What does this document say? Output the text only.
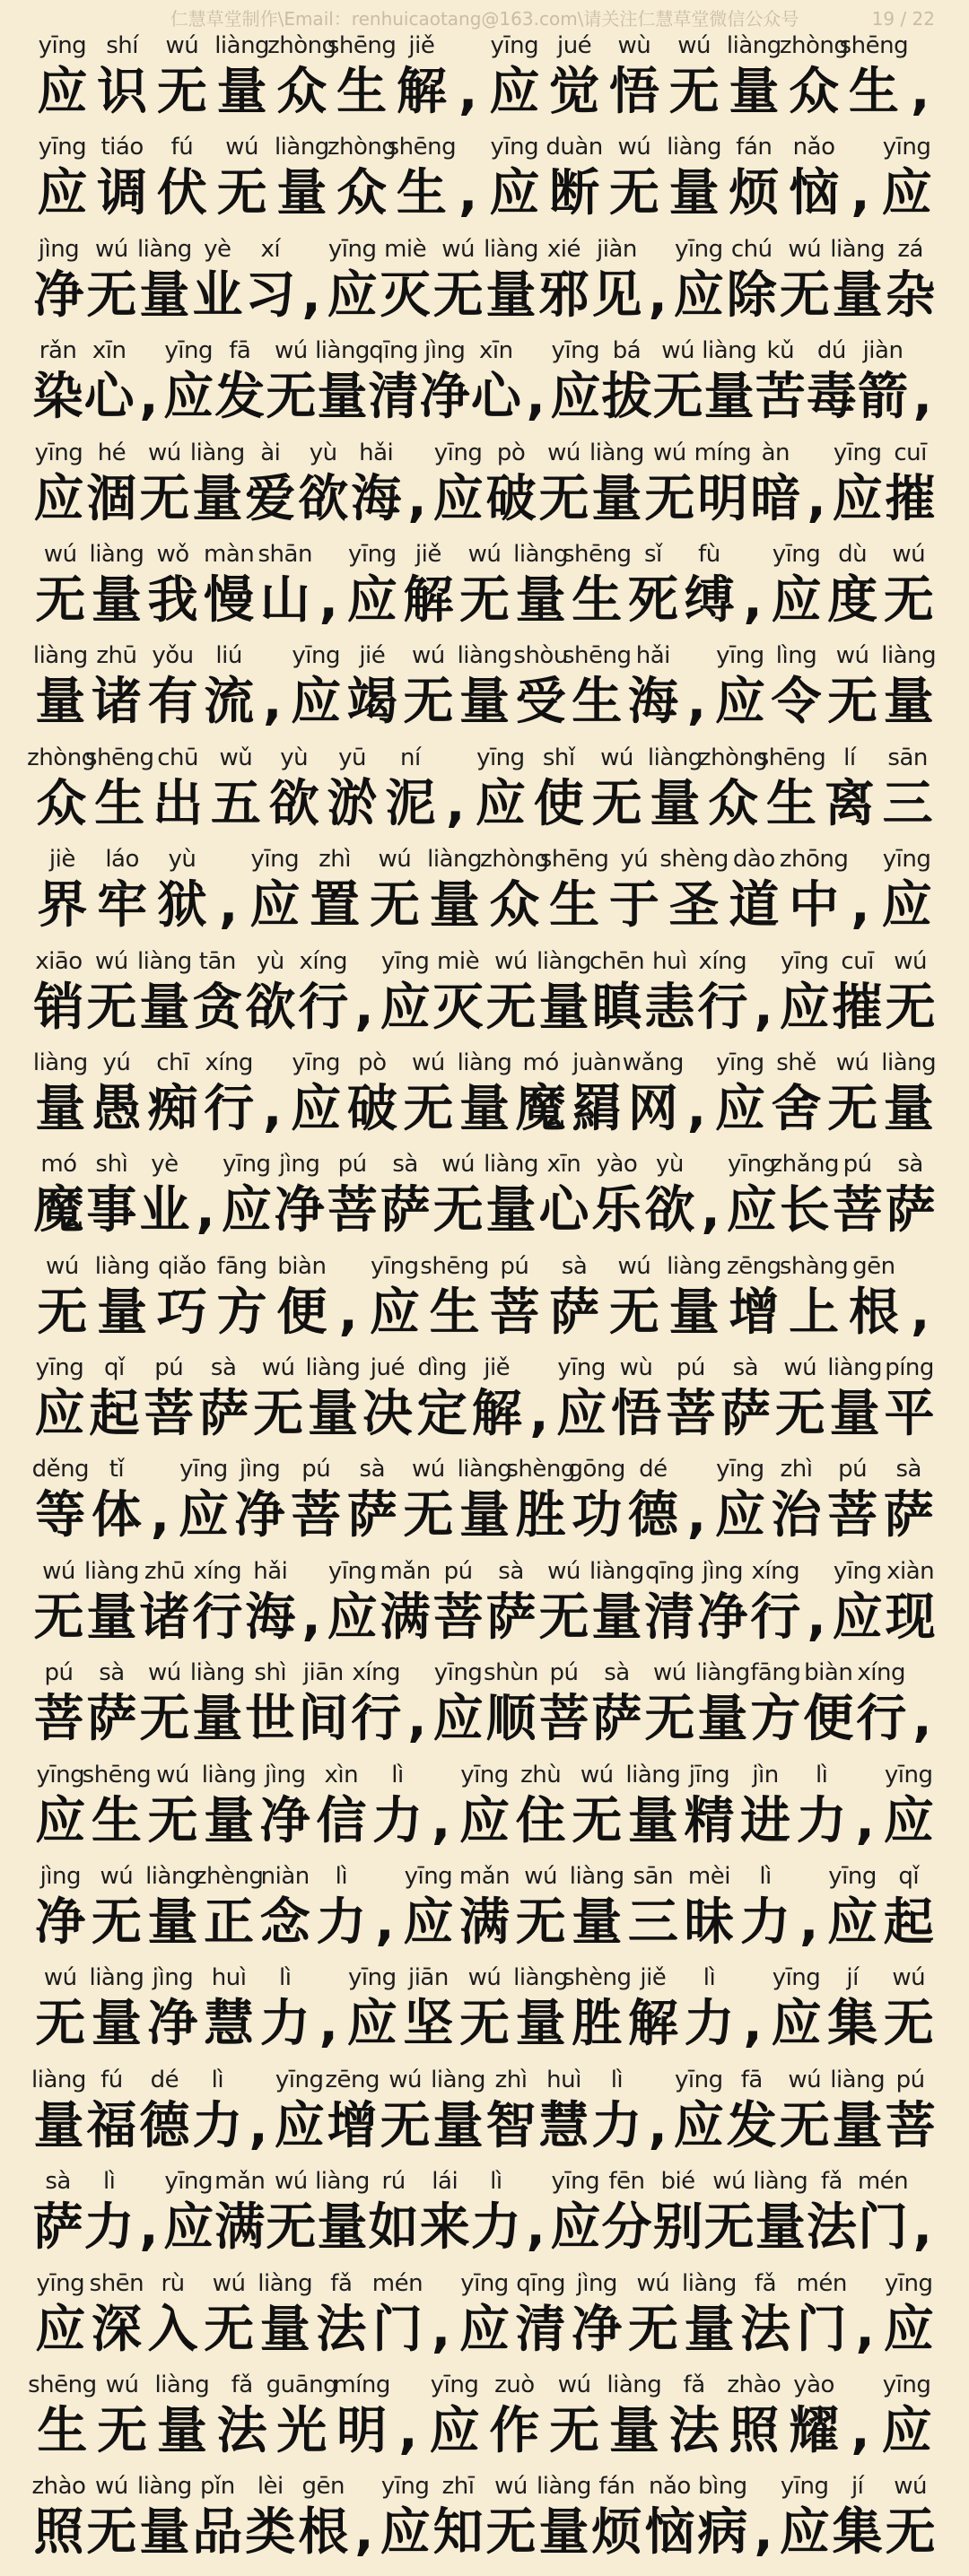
仁慧草堂制作\Email：renhuicaotang@163.com\请关注仁慧草堂微信公众号	19 / 22
yīng
应
shí
识
wú
无
liàng
量
zhòng
众
shēng
生
jiě
解 ,
yīng
应
jué
觉
wù
悟
wú
无
liàng
量
zhòng
众
shēng
生 ,
yīng
应
tiáo
调
fú
伏
wú
无
liàng
量
zhòng
众
shēng
生 ,
yīng
应
duàn
断
wú
无
liàng
量
fán
烦
nǎo
恼 ,
yīng
应
jìng
净
wú
无
liàng
量
yè
业
xí
习 ,
yīng
应
miè
灭
wú
无
liàng
量
xié
邪
jiàn
见 ,
yīng
应
chú
除
wú
无
liàng
量
zá
杂
rǎn
染
xīn
心 ,
yīng
应
fā
发
wú
无
liàng
量
qīng
清
jìng
净
xīn
心 ,
yīng
应
bá
拔
wú
无
liàng
量
kǔ
苦
dú
毒
jiàn
箭 ,
yīng
应
hé
涸
wú
无
liàng
量
ài
爱
yù
欲
hǎi
海 ,
yīng
应
pò
破
wú
无
liàng
量
wú
无
míng
明
àn
暗 ,
yīng
应
cuī
摧
wú
无
liàng
量
wǒ
我
màn
慢
shān
山 ,
yīng
应
jiě
解
wú
无
liàng
量
shēng
生
sǐ
死
fù
缚 ,
yīng
应
dù
度
wú
无
liàng
量
zhū
诸
yǒu
有
liú
流 ,
yīng
应
jié
竭
wú
无
liàng
量
shòu
受
shēng
生
hǎi
海 ,
yīng
应
lìng
令
wú
无
liàng
量
zhòng
众
shēng
生
chū
出
wǔ
五
yù
欲
yū
淤
ní
泥 ,
yīng
应
shǐ
使
wú
无
liàng
量
zhòng
众
shēng
生
lí
离
sān
三
jiè
界
láo
牢
yù
狱 ,
yīng
应
zhì
置
wú
无
liàng
量
zhòng
众
shēng
生
yú
于
shèng
圣
dào
道
zhōng
中 ,
yīng
应
xiāo
销
wú
无
liàng
量
tān
贪
yù
欲
xíng
行 ,
yīng
应
miè
灭
wú
无
liàng
量
chēn
瞋
huì
恚
xíng
行 ,
yīng
应
cuī
摧
wú
无
liàng
量
yú
愚
chī
痴
xíng
行 ,
yīng
应
pò
破
wú
无
liàng
量
mó
魔
juàn
羂
wǎng
网 ,
yīng
应
shě
舍
wú
无
liàng
量
mó
魔
shì
事
yè
业 ,
yīng
应
jìng
净
pú
菩
sà
萨
wú
无
liàng
量
xīn
心
yào
乐
yù
欲 ,
yīng
应
zhǎng
长
pú
菩
sà
萨
wú
无
liàng
量
qiǎo
巧
fāng
方
biàn
便 ,
yīng
应
shēng
生
pú
菩
sà
萨
wú
无
liàng
量
zēng
增
shàng
上
gēn
根 ,
yīng
应
qǐ
起
pú
菩
sà
萨
wú
无
liàng
量
jué
决
dìng
定
jiě
解 ,
yīng
应
wù
悟
pú
菩
sà
萨
wú
无
liàng
量
píng
平
děng
等
tǐ
体 ,
yīng
应
jìng
净
pú
菩
sà
萨
wú
无
liàng
量
shèng
胜
gōng
功
dé
德 ,
yīng
应
zhì
治
pú
菩
sà
萨
wú
无
liàng
量
zhū
诸
xíng
行
hǎi
海 ,
yīng
应
mǎn
满
pú
菩
sà
萨
wú
无
liàng
量
qīng
清
jìng
净
xíng
行 ,
yīng
应
xiàn
现
pú
菩
sà
萨
wú
无
liàng
量
shì
世
jiān
间
xíng
行 ,
yīng
应
shùn
顺
pú
菩
sà
萨
wú
无
liàng
量
fāng
方
biàn
便
xíng
行 ,
yīng
应
shēng
生
wú
无
liàng
量
jìng
净
xìn
信
lì
力 ,
yīng
应
zhù
住
wú
无
liàng
量
jīng
精
jìn
进
lì
力 ,
yīng
应
jìng
净
wú
无
liàng
量
zhèng
正
niàn
念
lì
力 ,
yīng
应
mǎn
满
wú
无
liàng
量
sān
三
mèi
昧
lì
力 ,
yīng
应
qǐ
起
wú
无
liàng
量
jìng
净
huì
慧
lì
力 ,
yīng
应
jiān
坚
wú
无
liàng
量
shèng
胜
jiě
解
lì
力 ,
yīng
应
jí
集
wú
无
liàng
量
fú
福
dé
德
lì
力 ,
yīng
应
zēng
增
wú
无
liàng
量
zhì
智
huì
慧
lì
力 ,
yīng
应
fā
发
wú
无
liàng
量
pú
菩
sà
萨
lì
力 ,
yīng
应
mǎn
满
wú
无
liàng
量
rú
如
lái
来
lì
力 ,
yīng
应
fēn
分
bié
别
wú
无
liàng
量
fǎ
法
mén
门 ,
yīng
应
shēn
深
rù
入
wú
无
liàng
量
fǎ
法
mén
门 ,
yīng
应
qīng
清
jìng
净
wú
无
liàng
量
fǎ
法
mén
门 ,
yīng
应
shēng
生
wú
无
liàng
量
fǎ
法
guāng
光
míng
明 ,
yīng
应
zuò
作
wú
无
liàng
量
fǎ
法
zhào
照
yào
耀 ,
yīng
应
zhào
照
wú
无
liàng
量
pǐn
品
lèi
类
gēn
根 ,
yīng
应
zhī
知
wú
无
liàng
量
fán
烦
nǎo
恼
bìng
病 ,
yīng
应
jí
集
wú
无
